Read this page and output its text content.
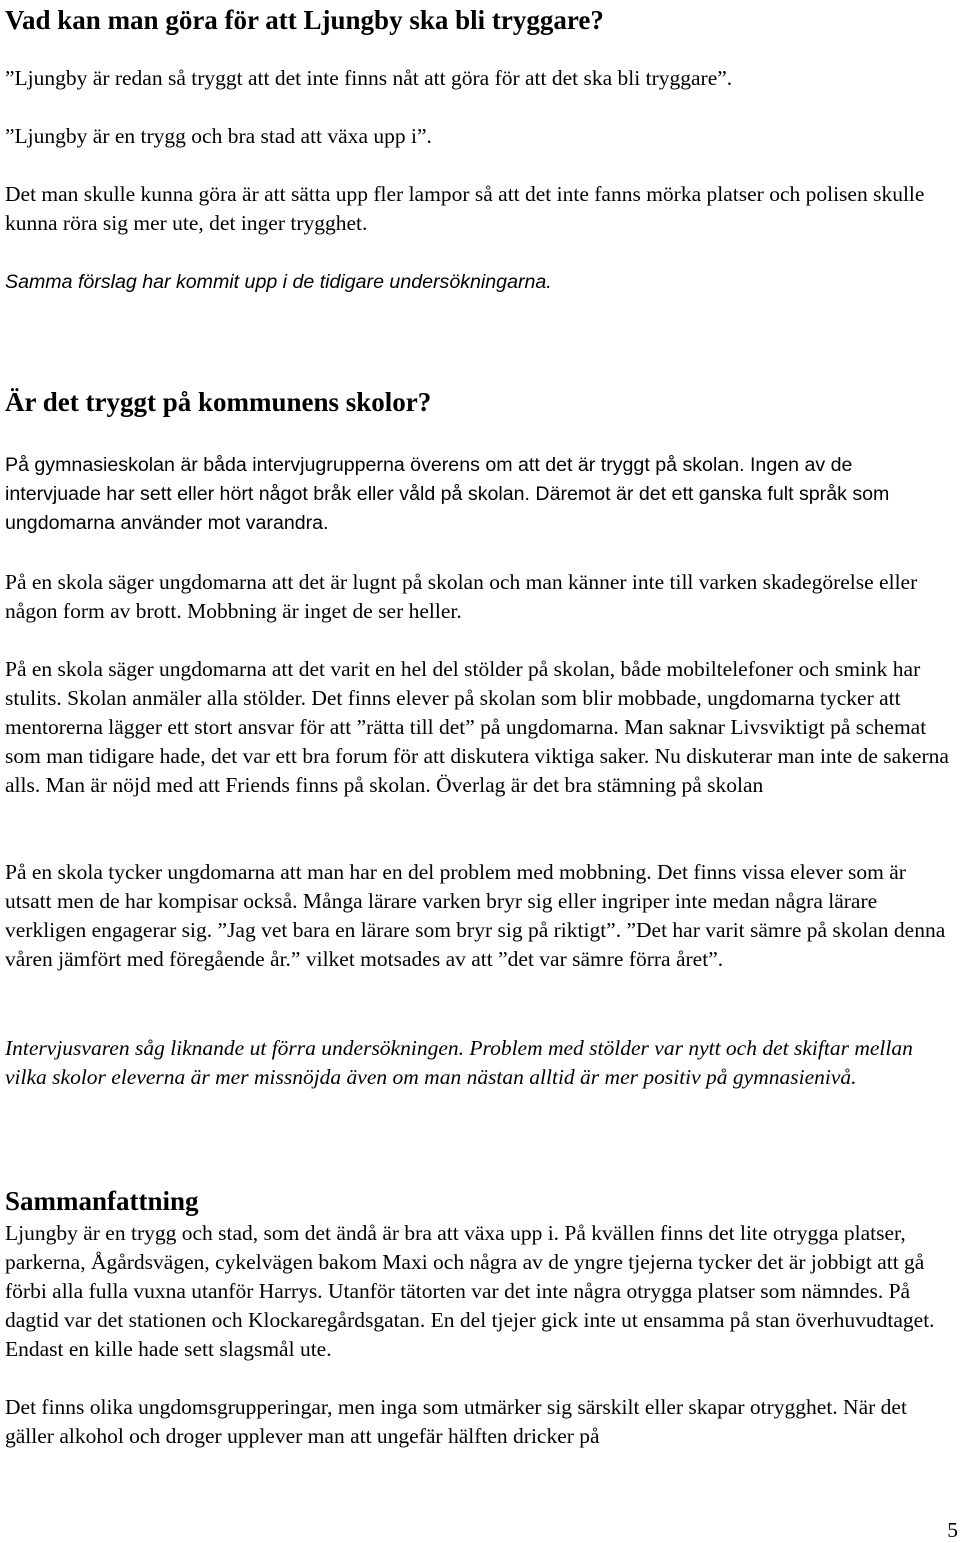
Vad kan man göra för att Ljungby ska bli tryggare?

”Ljungby är redan så tryggt att det inte finns nåt att göra för att det ska bli tryggare”.

”Ljungby är en trygg och bra stad att växa upp i”.

Det man skulle kunna göra är att sätta upp fler lampor så att det inte fanns mörka platser och polisen skulle kunna röra sig mer ute, det inger trygghet.

Samma förslag har kommit upp i de tidigare undersökningarna.

Är det tryggt på kommunens skolor?

På gymnasieskolan är båda intervjugrupperna överens om att det är tryggt på skolan. Ingen av de intervjuade har sett eller hört något bråk eller våld på skolan. Däremot är det ett ganska fult språk som ungdomarna använder mot varandra.

På en skola säger ungdomarna att det är lugnt på skolan och man känner inte till varken skadegörelse eller någon form av brott. Mobbning är inget de ser heller.

På en skola säger ungdomarna att det varit en hel del stölder på skolan, både mobiltelefoner och smink har stulits. Skolan anmäler alla stölder. Det finns elever på skolan som blir mobbade, ungdomarna tycker att mentorerna lägger ett stort ansvar för att ”rätta till det” på ungdomarna. Man saknar Livsviktigt på schemat som man tidigare hade, det var ett bra forum för att diskutera viktiga saker. Nu diskuterar man inte de sakerna alls. Man är nöjd med att Friends finns på skolan. Överlag är det bra stämning på skolan

På en skola tycker ungdomarna att man har en del problem med mobbning. Det finns vissa elever som är utsatt men de har kompisar också. Många lärare varken bryr sig eller ingriper inte medan några lärare verkligen engagerar sig. ”Jag vet bara en lärare som bryr sig på riktigt”. ”Det har varit sämre på skolan denna våren jämfört med föregående år.” vilket motsades av att ”det var sämre förra året”.

Intervjusvaren såg liknande ut förra undersökningen. Problem med stölder var nytt och det skiftar mellan vilka skolor eleverna är mer missnöjda även om man nästan alltid är mer positiv på gymnasienivå.

Sammanfattning

Ljungby är en trygg och stad, som det ändå är bra att växa upp i. På kvällen finns det lite otrygga platser, parkerna, Ågårdsvägen, cykelvägen bakom Maxi och några av de yngre tjejerna tycker det är jobbigt att gå förbi alla fulla vuxna utanför Harrys. Utanför tätorten var det inte några otrygga platser som nämndes. På dagtid var det stationen och Klockaregårdsgatan. En del tjejer gick inte ut ensamma på stan överhuvudtaget. Endast en kille hade sett slagsmål ute.

Det finns olika ungdomsgrupperingar, men inga som utmärker sig särskilt eller skapar otrygghet. När det gäller alkohol och droger upplever man att ungefär hälften dricker på

5
